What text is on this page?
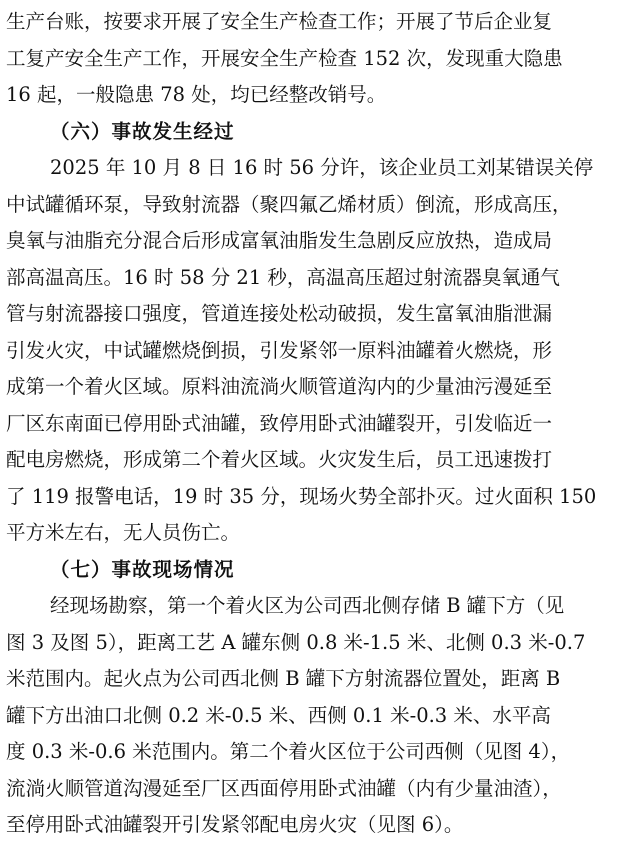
生产台账，按要求开展了安全生产检查工作；开展了节后企业复
工复产安全生产工作，开展安全生产检查 152 次，发现重大隐患
16 起，一般隐患 78 处，均已经整改销号。

（六）事故发生经过

2025 年 10 月 8 日 16 时 56 分许，该企业员工刘某错误关停
中试罐循环泵，导致射流器（聚四氟乙烯材质）倒流，形成高压，
臭氧与油脂充分混合后形成富氧油脂发生急剧反应放热，造成局
部高温高压。16 时 58 分 21 秒，高温高压超过射流器臭氧通气
管与射流器接口强度，管道连接处松动破损，发生富氧油脂泄漏
引发火灾，中试罐燃烧倒损，引发紧邻一原料油罐着火燃烧，形
成第一个着火区域。原料油流淌火顺管道沟内的少量油污漫延至
厂区东南面已停用卧式油罐，致停用卧式油罐裂开，引发临近一
配电房燃烧，形成第二个着火区域。火灾发生后，员工迅速拨打
了 119 报警电话，19 时 35 分，现场火势全部扑灭。过火面积 150
平方米左右，无人员伤亡。

（七）事故现场情况

经现场勘察，第一个着火区为公司西北侧存储 B 罐下方（见
图 3 及图 5），距离工艺 A 罐东侧 0.8 米-1.5 米、北侧 0.3 米-0.7
米范围内。起火点为公司西北侧 B 罐下方射流器位置处，距离 B
罐下方出油口北侧 0.2 米-0.5 米、西侧 0.1 米-0.3 米、水平高
度 0.3 米-0.6 米范围内。第二个着火区位于公司西侧（见图 4），
流淌火顺管道沟漫延至厂区西面停用卧式油罐（内有少量油渣），
至停用卧式油罐裂开引发紧邻配电房火灾（见图 6）。
